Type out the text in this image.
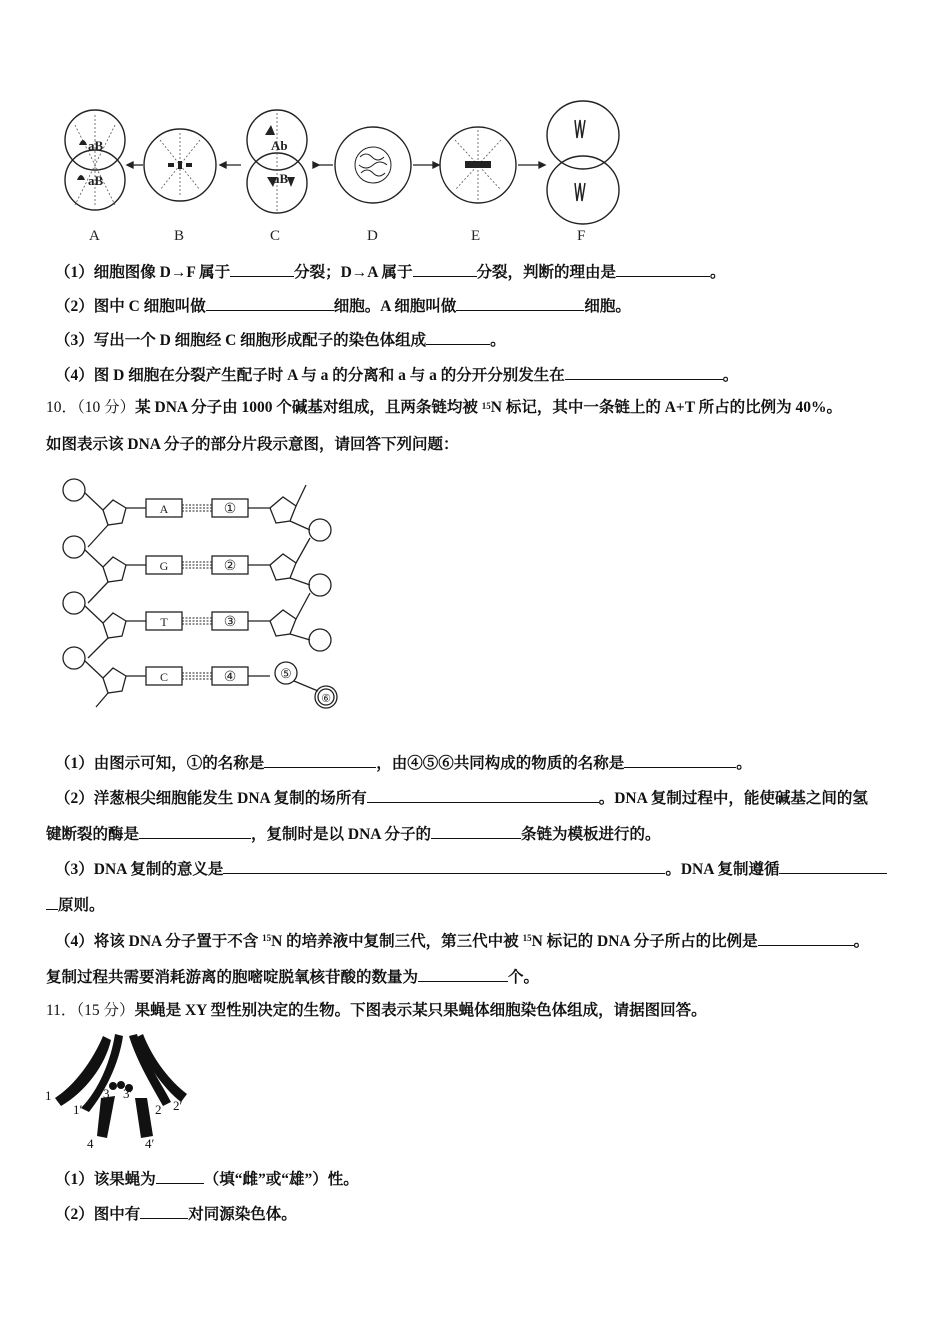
aB
aB
Ab
aB
A	B	C	D	E	F
（1）细胞图像 D→F 属于	分裂；D→A 属于	分裂，判断的理由是	。
（2）图中 C 细胞叫做	细胞。A 细胞叫做	细胞。
（3）写出一个 D 细胞经 C 细胞形成配子的染色体组成	。
（4）图 D 细胞在分裂产生配子时 A 与 a 的分离和 a 与 a 的分开分别发生在	。
10．（10 分）某 DNA 分子由 1000 个碱基对组成，且两条链均被 $^{15}$N 标记，其中一条链上的 A+T 所占的比例为 40%。
如图表示该 DNA 分子的部分片段示意图，请回答下列问题：
A
G
T
C
①
②
③
④	⑤
⑥
（1）由图示可知，①的名称是	，由④⑤⑥共同构成的物质的名称是	。
（2）洋葱根尖细胞能发生 DNA 复制的场所有	。DNA 复制过程中，能使碱基之间的氢
键断裂的酶是	，复制时是以 DNA 分子的	条链为模板进行的。
（3）DNA 复制的意义是	。DNA 复制遵循
原则。
（4）将该 DNA 分子置于不含 $^{15}$N 的培养液中复制三代，第三代中被 $^{15}$N 标记的 DNA 分子所占的比例是	。
复制过程共需要消耗游离的胞嘧啶脱氧核苷酸的数量为	个。
11．（15 分）果蝇是 XY 型性别决定的生物。下图表示某只果蝇体细胞染色体组成，请据图回答。
1
1′
3 3′
2 2′
4	4′
（1）该果蝇为	（填“雌”或“雄”）性。
（2）图中有	对同源染色体。
